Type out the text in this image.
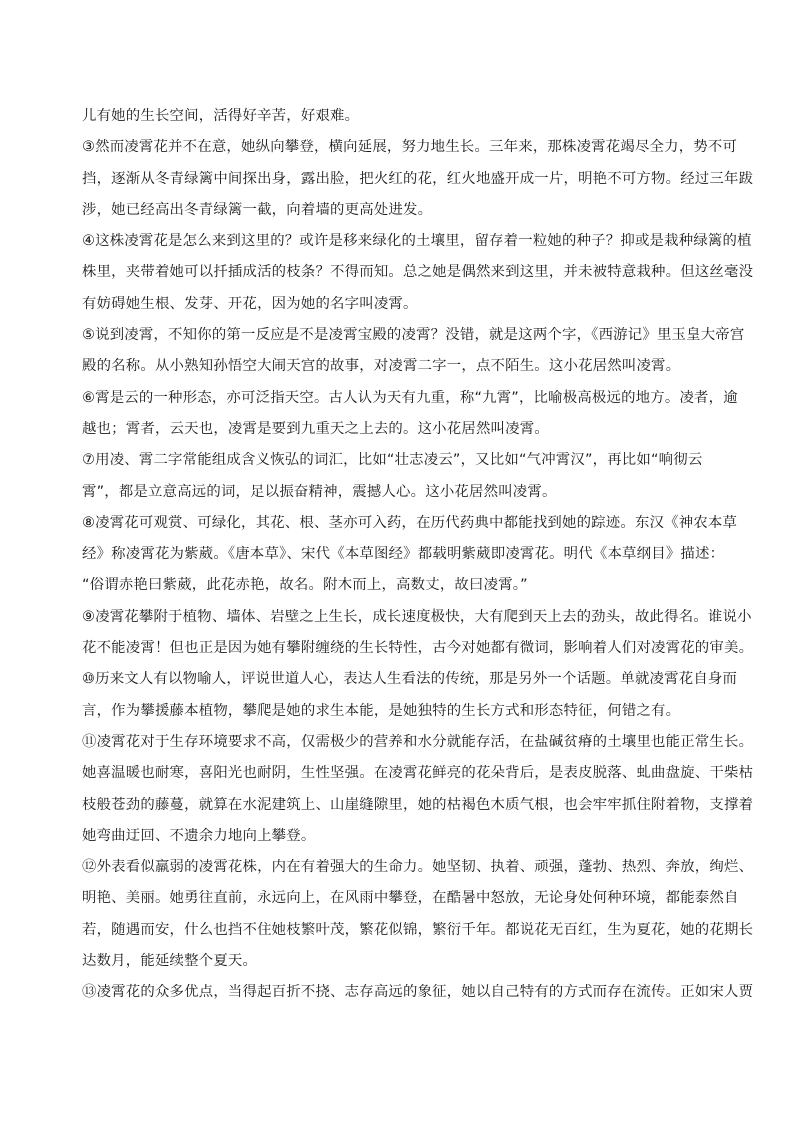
儿有她的生长空间，活得好辛苦，好艰难。
③然而凌霄花并不在意，她纵向攀登，横向延展，努力地生长。三年来，那株凌霄花竭尽全力，势不可
挡，逐渐从冬青绿篱中间探出身，露出脸，把火红的花，红火地盛开成一片，明艳不可方物。经过三年跋
涉，她已经高出冬青绿篱一截，向着墙的更高处进发。
④这株凌霄花是怎么来到这里的？或许是移来绿化的土壤里，留存着一粒她的种子？抑或是栽种绿篱的植
株里，夹带着她可以扦插成活的枝条？不得而知。总之她是偶然来到这里，并未被特意栽种。但这丝毫没
有妨碍她生根、发芽、开花，因为她的名字叫凌霄。
⑤说到凌霄，不知你的第一反应是不是凌霄宝殿的凌霄？没错，就是这两个字，《西游记》里玉皇大帝宫
殿的名称。从小熟知孙悟空大闹天宫的故事，对凌霄二字一，点不陌生。这小花居然叫凌霄。
⑥霄是云的一种形态，亦可泛指天空。古人认为天有九重，称“九霄”，比喻极高极远的地方。凌者，逾
越也；霄者，云天也，凌霄是要到九重天之上去的。这小花居然叫凌霄。
⑦用凌、霄二字常能组成含义恢弘的词汇，比如“壮志凌云”，又比如“气冲霄汉”，再比如“响彻云
霄”，都是立意高远的词，足以振奋精神，震撼人心。这小花居然叫凌霄。
⑧凌霄花可观赏、可绿化，其花、根、茎亦可入药，在历代药典中都能找到她的踪迹。东汉《神农本草
经》称凌霄花为紫葳。《唐本草》、宋代《本草图经》都载明紫葳即凌霄花。明代《本草纲目》描述：
“俗谓赤艳曰紫葳，此花赤艳，故名。附木而上，高数丈，故曰凌霄。”
⑨凌霄花攀附于植物、墙体、岩壁之上生长，成长速度极快，大有爬到天上去的劲头，故此得名。谁说小
花不能凌霄！但也正是因为她有攀附缠绕的生长特性，古今对她都有微词，影响着人们对凌霄花的审美。
⑩历来文人有以物喻人，评说世道人心，表达人生看法的传统，那是另外一个话题。单就凌霄花自身而
言，作为攀援藤本植物，攀爬是她的求生本能，是她独特的生长方式和形态特征，何错之有。
⑪凌霄花对于生存环境要求不高，仅需极少的营养和水分就能存活，在盐碱贫瘠的土壤里也能正常生长。
她喜温暖也耐寒，喜阳光也耐阴，生性坚强。在凌霄花鲜亮的花朵背后，是表皮脱落、虬曲盘旋、干柴枯
枝般苍劲的藤蔓，就算在水泥建筑上、山崖缝隙里，她的枯褐色木质气根，也会牢牢抓住附着物，支撑着
她弯曲迂回、不遗余力地向上攀登。
⑫外表看似羸弱的凌霄花株，内在有着强大的生命力。她坚韧、执着、顽强，蓬勃、热烈、奔放，绚烂、
明艳、美丽。她勇往直前，永远向上，在风雨中攀登，在酷暑中怒放，无论身处何种环境，都能泰然自
若，随遇而安，什么也挡不住她枝繁叶茂，繁花似锦，繁衍千年。都说花无百红，生为夏花，她的花期长
达数月，能延续整个夏天。
⑬凌霄花的众多优点，当得起百折不挠、志存高远的象征，她以自己特有的方式而存在流传。正如宋人贾
